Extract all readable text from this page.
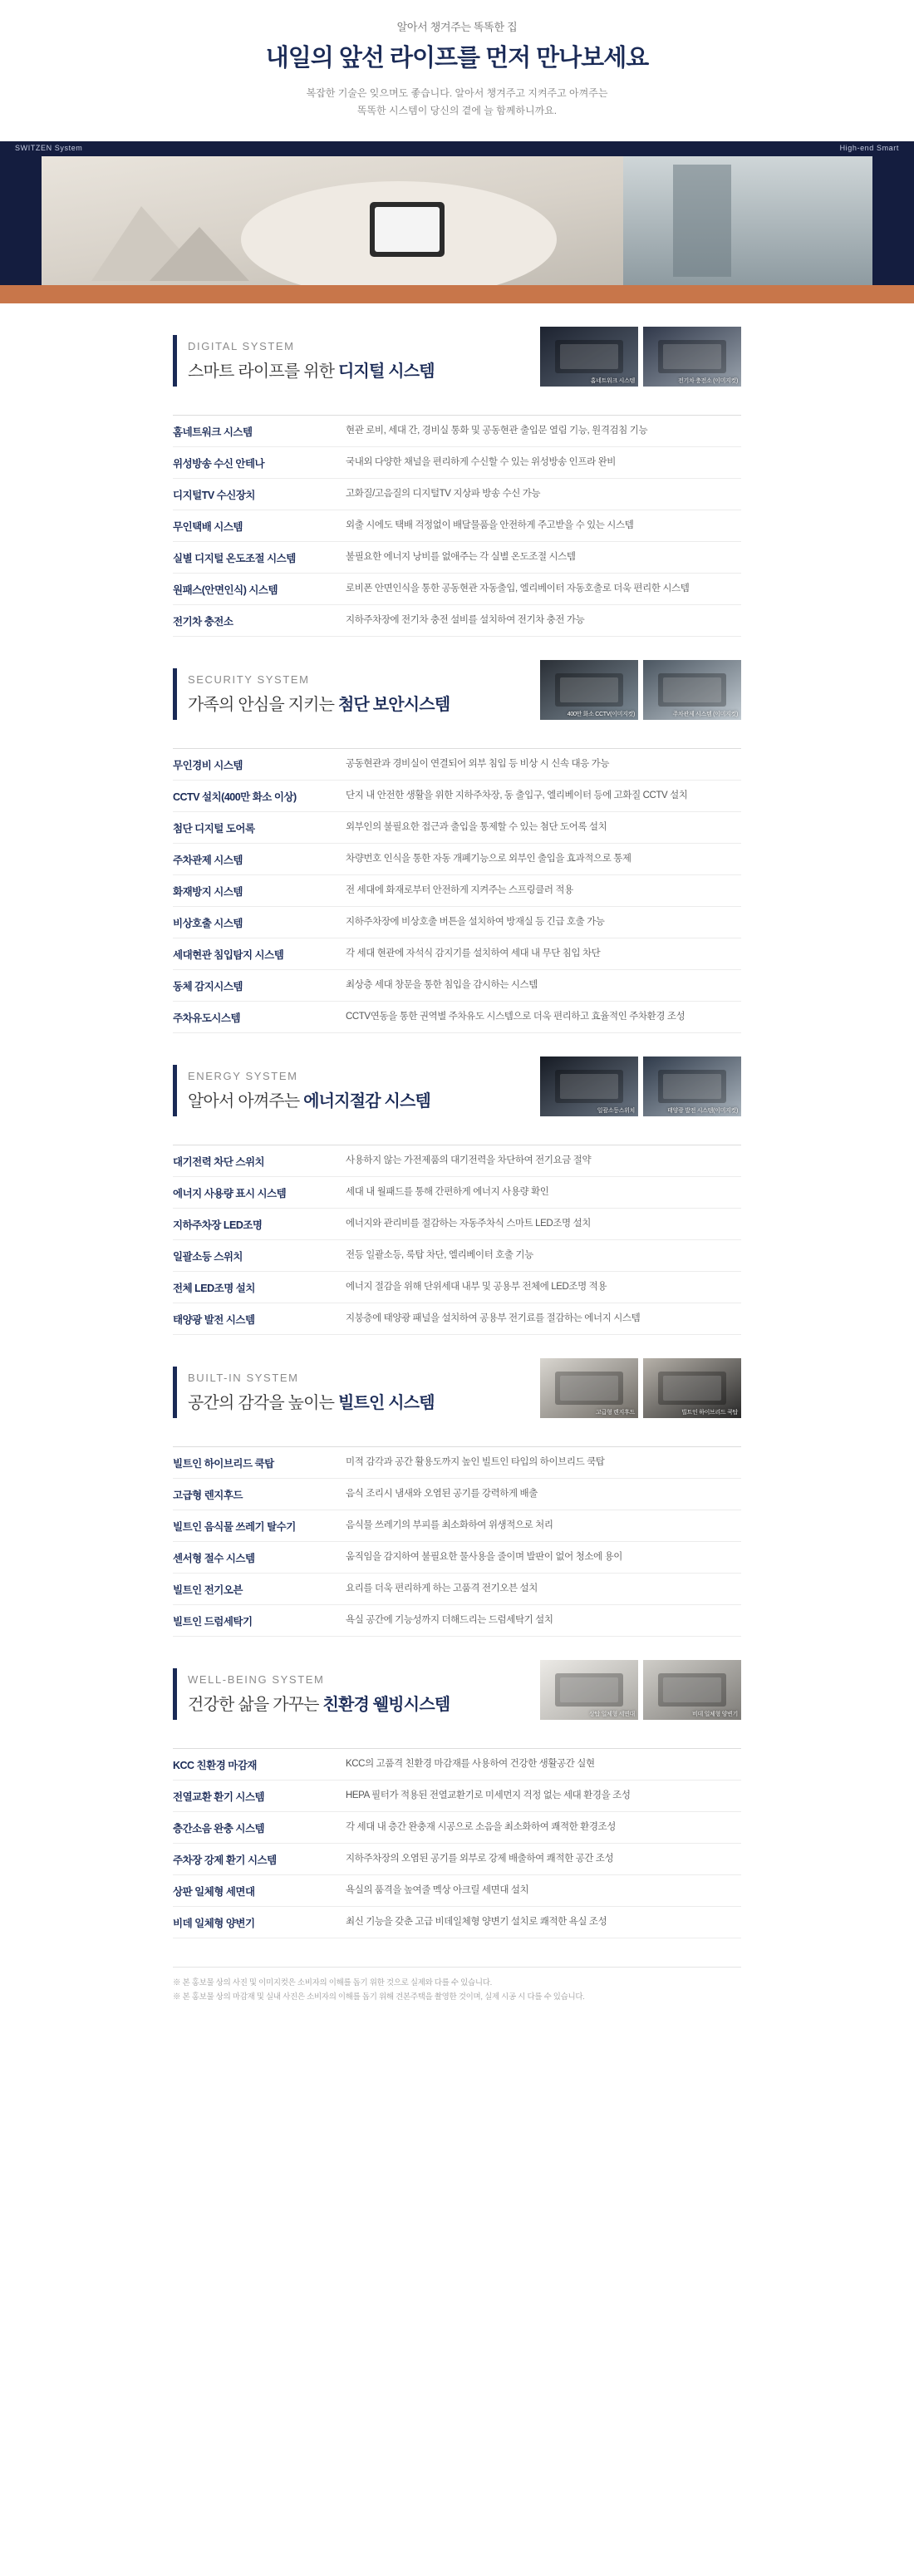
알아서 챙겨주는 똑똑한 집
내일의 앞선 라이프를 먼저 만나보세요
복잡한 기술은 잊으며도 좋습니다. 알아서 챙겨주고 지켜주고 아껴주는
똑똑한 시스템이 당신의 곁에 늘 함께하니까요.
SWITZEN System	High-end Smart
DIGITAL SYSTEM
스마트 라이프를 위한 디지털 시스템
홈네트워크 시스템	전기차 충전소 (이미지컷)
홈네트워크 시스템	현관 로비, 세대 간, 경비실 통화 및 공동현관 출입문 열림 기능, 원격검침 기능
위성방송 수신 안테나	국내외 다양한 채널을 편리하게 수신할 수 있는 위성방송 인프라 완비
디지털TV 수신장치	고화질/고음질의 디지털TV 지상파 방송 수신 가능
무인택배 시스템	외출 시에도 택배 걱정없이 배달물품을 안전하게 주고받을 수 있는 시스템
실별 디지털 온도조절 시스템	불필요한 에너지 낭비를 없애주는 각 실별 온도조절 시스템
원패스(안면인식) 시스템	로비폰 안면인식을 통한 공동현관 자동출입, 엘리베이터 자동호출로 더욱 편리한 시스템
전기차 충전소	지하주차장에 전기차 충전 설비를 설치하여 전기차 충전 가능
SECURITY SYSTEM
가족의 안심을 지키는 첨단 보안시스템
400만 화소 CCTV(이미지컷)	주차관제 시스템 (이미지컷)
무인경비 시스템	공동현관과 경비실이 연결되어 외부 침입 등 비상 시 신속 대응 가능
CCTV 설치(400만 화소 이상)	단지 내 안전한 생활을 위한 지하주차장, 동 출입구, 엘리베이터 등에 고화질 CCTV 설치
첨단 디지털 도어록	외부인의 불필요한 접근과 출입을 통제할 수 있는 첨단 도어록 설치
주차관제 시스템	차량번호 인식을 통한 자동 개폐기능으로 외부인 출입을 효과적으로 통제
화재방지 시스템	전 세대에 화재로부터 안전하게 지켜주는 스프링클러 적용
비상호출 시스템	지하주차장에 비상호출 버튼을 설치하여 방재실 등 긴급 호출 가능
세대현관 침입탐지 시스템	각 세대 현관에 자석식 감지기를 설치하여 세대 내 무단 침입 차단
동체 감지시스템	최상층 세대 창문을 통한 침입을 감시하는 시스템
주차유도시스템	CCTV연동을 통한 권역별 주차유도 시스템으로 더욱 편리하고 효율적인 주차환경 조성
ENERGY SYSTEM
알아서 아껴주는 에너지절감 시스템
일괄소등스위치	태양광 발전 시스템(이미지컷)
대기전력 차단 스위치	사용하지 않는 가전제품의 대기전력을 차단하여 전기요금 절약
에너지 사용량 표시 시스템	세대 내 월패드를 통해 간편하게 에너지 사용량 확인
지하주차장 LED조명	에너지와 관리비를 절감하는 자동주차식 스마트 LED조명 설치
일괄소등 스위치	전등 일괄소등, 룩탑 차단, 엘리베이터 호출 기능
전체 LED조명 설치	에너지 절감을 위해 단위세대 내부 및 공용부 전체에 LED조명 적용
태양광 발전 시스템	지붕층에 태양광 패널을 설치하여 공용부 전기료를 절감하는 에너지 시스템
BUILT-IN SYSTEM
공간의 감각을 높이는 빌트인 시스템
고급형 렌지후드	빌트인 하이브리드 쿡탑
빌트인 하이브리드 쿡탑	미적 감각과 공간 활용도까지 높인 빌트인 타입의 하이브리드 쿡탑
고급형 렌지후드	음식 조리시 냄새와 오염된 공기를 강력하게 배출
빌트인 음식물 쓰레기 탈수기	음식물 쓰레기의 부피를 최소화하여 위생적으로 처리
센서형 절수 시스템	움직임을 감지하여 불필요한 물사용을 줄이며 발판이 없어 청소에 용이
빌트인 전기오븐	요리를 더욱 편리하게 하는 고품격 전기오븐 설치
빌트인 드럼세탁기	욕실 공간에 기능성까지 더해드리는 드럼세탁기 설치
WELL-BEING SYSTEM
건강한 삶을 가꾸는 친환경 웰빙시스템
상탑 일체형 세면대	비데 일체형 양변기
KCC 친환경 마감재	KCC의 고품격 친환경 마감재를 사용하여 건강한 생활공간 실현
전열교환 환기 시스템	HEPA 필터가 적용된 전열교환기로 미세먼지 걱정 없는 세대 환경을 조성
층간소음 완충 시스템	각 세대 내 층간 완충재 시공으로 소음을 최소화하여 쾌적한 환경조성
주차장 강제 환기 시스템	지하주차장의 오염된 공기를 외부로 강제 배출하여 쾌적한 공간 조성
상판 일체형 세면대	욕실의 품격을 높여줄 멕상 아크릴 세면대 설치
비데 일체형 양변기	최신 기능을 갖춘 고급 비데일체형 양변기 설치로 쾌적한 욕실 조성

※ 본 홍보물 상의 사진 및 이미지컷은 소비자의 이해를 돕기 위한 것으로 실제와 다를 수 있습니다.

※ 본 홍보물 상의 마감재 및 실내 사진은 소비자의 이해를 돕기 위해 견본주택을 촬영한 것이며, 실제 시공 시 다를 수 있습니다.
